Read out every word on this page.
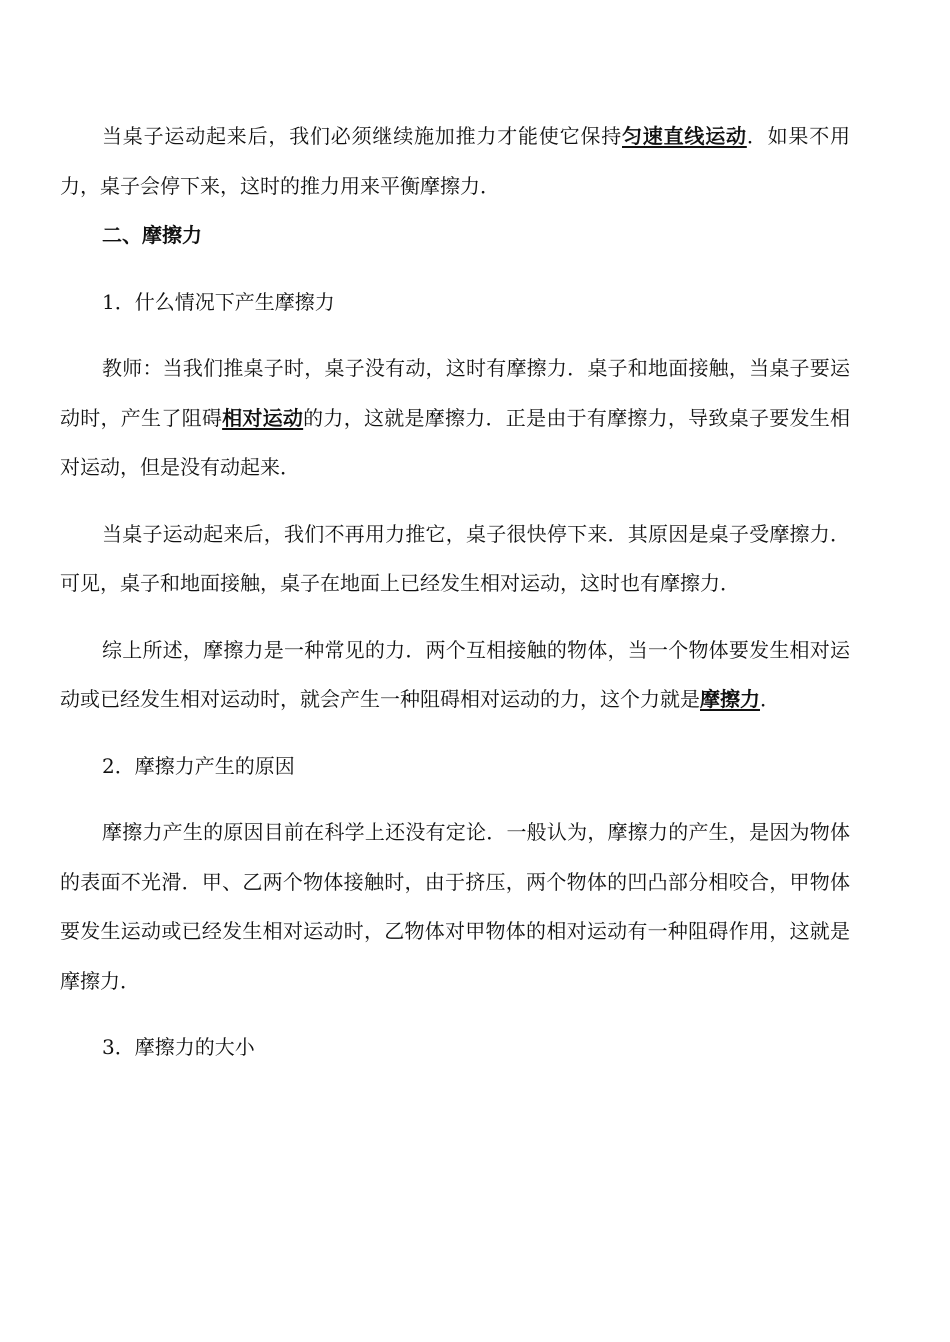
当桌子运动起来后，我们必须继续施加推力才能使它保持匀速直线运动．如果不用力，桌子会停下来，这时的推力用来平衡摩擦力．

二、摩擦力

1．什么情况下产生摩擦力

教师：当我们推桌子时，桌子没有动，这时有摩擦力．桌子和地面接触，当桌子要运动时，产生了阻碍相对运动的力，这就是摩擦力．正是由于有摩擦力，导致桌子要发生相对运动，但是没有动起来．

当桌子运动起来后，我们不再用力推它，桌子很快停下来．其原因是桌子受摩擦力．可见，桌子和地面接触，桌子在地面上已经发生相对运动，这时也有摩擦力．

综上所述，摩擦力是一种常见的力．两个互相接触的物体，当一个物体要发生相对运动或已经发生相对运动时，就会产生一种阻碍相对运动的力，这个力就是摩擦力．

2．摩擦力产生的原因

摩擦力产生的原因目前在科学上还没有定论．一般认为，摩擦力的产生，是因为物体的表面不光滑．甲、乙两个物体接触时，由于挤压，两个物体的凹凸部分相咬合，甲物体要发生运动或已经发生相对运动时，乙物体对甲物体的相对运动有一种阻碍作用，这就是摩擦力．

3．摩擦力的大小
